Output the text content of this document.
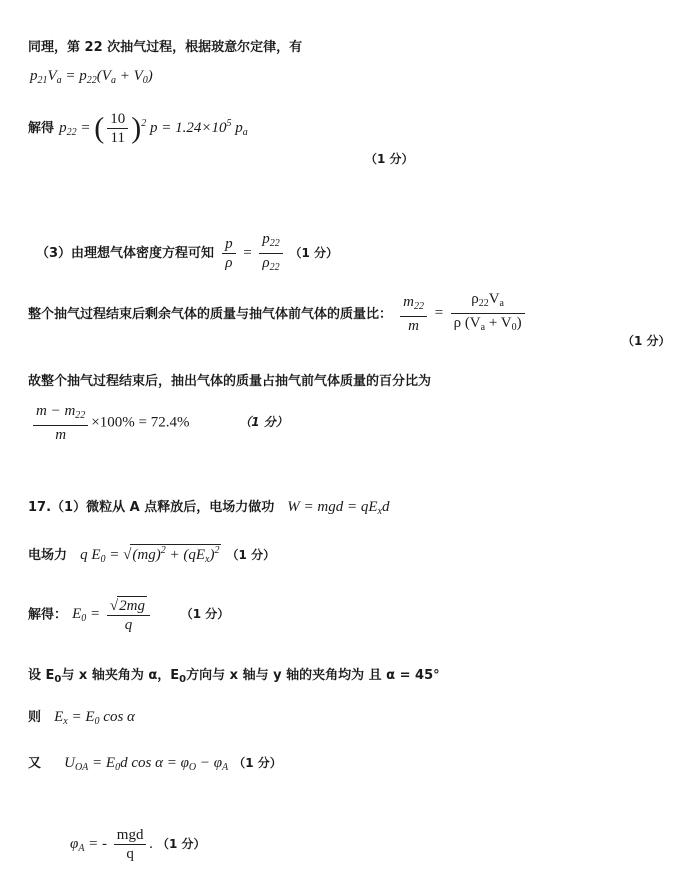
同理，第 22 次抽气过程，根据玻意尔定律，有
$p_{21}V_a = p_{22}(V_a + V_0)$
解得 $p_{22}$ = ( $\frac{10}{11} )^2$ $p = 1.24\times 10^5$ $p_a$
（1 分）
（3）由理想气体密度方程可知 $\frac{p}{\rho} = \frac{p_{22}}{\rho_{22}} (1$ 分）
整个抽气过程结束后剩余气体的质量与抽气体前气体的质量比： $\frac{m_{22}}{m} = \frac{\rho_{22}V_a}{\rho (V_a + V_0)}$
（1 分）
故整个抽气过程结束后，抽出气体的质量占抽气前气体质量的百分比为
$\frac{m - m_{22}}{m} \times 100\% = 72.4\%$	（1 分）
17.（1）微粒从 A 点释放后，电场力做功 W = mgd = $qE_xd$
电场力 q $E_0 = √(mg)^2 + (qE_x)^2$ （1 分）
解得： $E_0 = \frac{√2mg}{q}$	（1 分）
设 $E_0$与 x 轴夹角为 α，$E_0$方向与 x 轴与 y 轴的夹角均为 且 α = 45°
则 $E_x = E_0$ cos α
又 $U_{OA} = E_0d$ $\cos \alpha = \varphi_O - \varphi_A$ （1 分）
$\varphi_A$ = - $\frac{\text{mgd}}{q}$ . （1 分）
